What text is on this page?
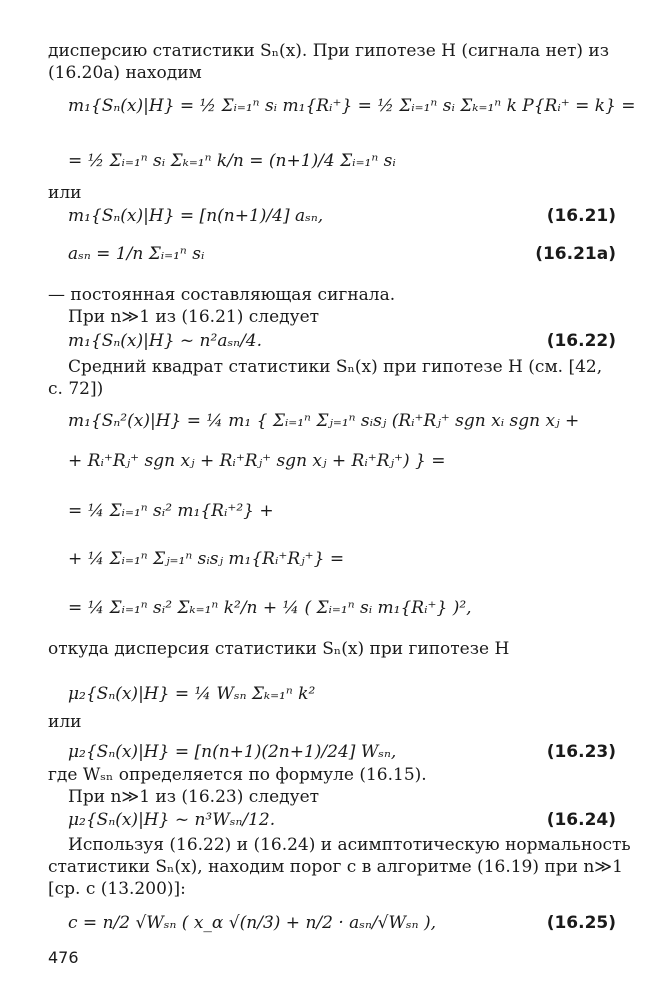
дисперсию статистики Sₙ(x). При гипотезе H (сигнала нет) из
(16.20а) находим
m₁{Sₙ(x)|H} = ½ Σᵢ₌₁ⁿ sᵢ m₁{Rᵢ⁺} = ½ Σᵢ₌₁ⁿ sᵢ Σₖ₌₁ⁿ k P{Rᵢ⁺ = k} =
= ½ Σᵢ₌₁ⁿ sᵢ Σₖ₌₁ⁿ k/n = (n+1)/4 Σᵢ₌₁ⁿ sᵢ
или
m₁{Sₙ(x)|H} = [n(n+1)/4] aₛₙ,	(16.21)
aₛₙ = 1/n Σᵢ₌₁ⁿ sᵢ	(16.21а)
— постоянная составляющая сигнала.
При n≫1 из (16.21) следует
m₁{Sₙ(x)|H} ~ n²aₛₙ/4.	(16.22)
Средний квадрат статистики Sₙ(x) при гипотезе H (см. [42,
с. 72])
m₁{Sₙ²(x)|H} = ¼ m₁ { Σᵢ₌₁ⁿ Σⱼ₌₁ⁿ sᵢsⱼ (Rᵢ⁺Rⱼ⁺ sgn xᵢ sgn xⱼ +
+ Rᵢ⁺Rⱼ⁺ sgn xⱼ + Rᵢ⁺Rⱼ⁺ sgn xⱼ + Rᵢ⁺Rⱼ⁺) } =
= ¼ Σᵢ₌₁ⁿ sᵢ² m₁{Rᵢ⁺²} +
+ ¼ Σᵢ₌₁ⁿ Σⱼ₌₁ⁿ sᵢsⱼ m₁{Rᵢ⁺Rⱼ⁺} =
= ¼ Σᵢ₌₁ⁿ sᵢ² Σₖ₌₁ⁿ k²/n + ¼ ( Σᵢ₌₁ⁿ sᵢ m₁{Rᵢ⁺} )²,
откуда дисперсия статистики Sₙ(x) при гипотезе H
μ₂{Sₙ(x)|H} = ¼ Wₛₙ Σₖ₌₁ⁿ k²
или
μ₂{Sₙ(x)|H} = [n(n+1)(2n+1)/24] Wₛₙ,	(16.23)
где Wₛₙ определяется по формуле (16.15).
При n≫1 из (16.23) следует
μ₂{Sₙ(x)|H} ~ n³Wₛₙ/12.	(16.24)
Используя (16.22) и (16.24) и асимптотическую нормальность
статистики Sₙ(x), находим порог c в алгоритме (16.19) при n≫1
[ср. с (13.200)]:
c = n/2 √Wₛₙ ( x_α √(n/3) + n/2 · aₛₙ/√Wₛₙ ),	(16.25)
476
